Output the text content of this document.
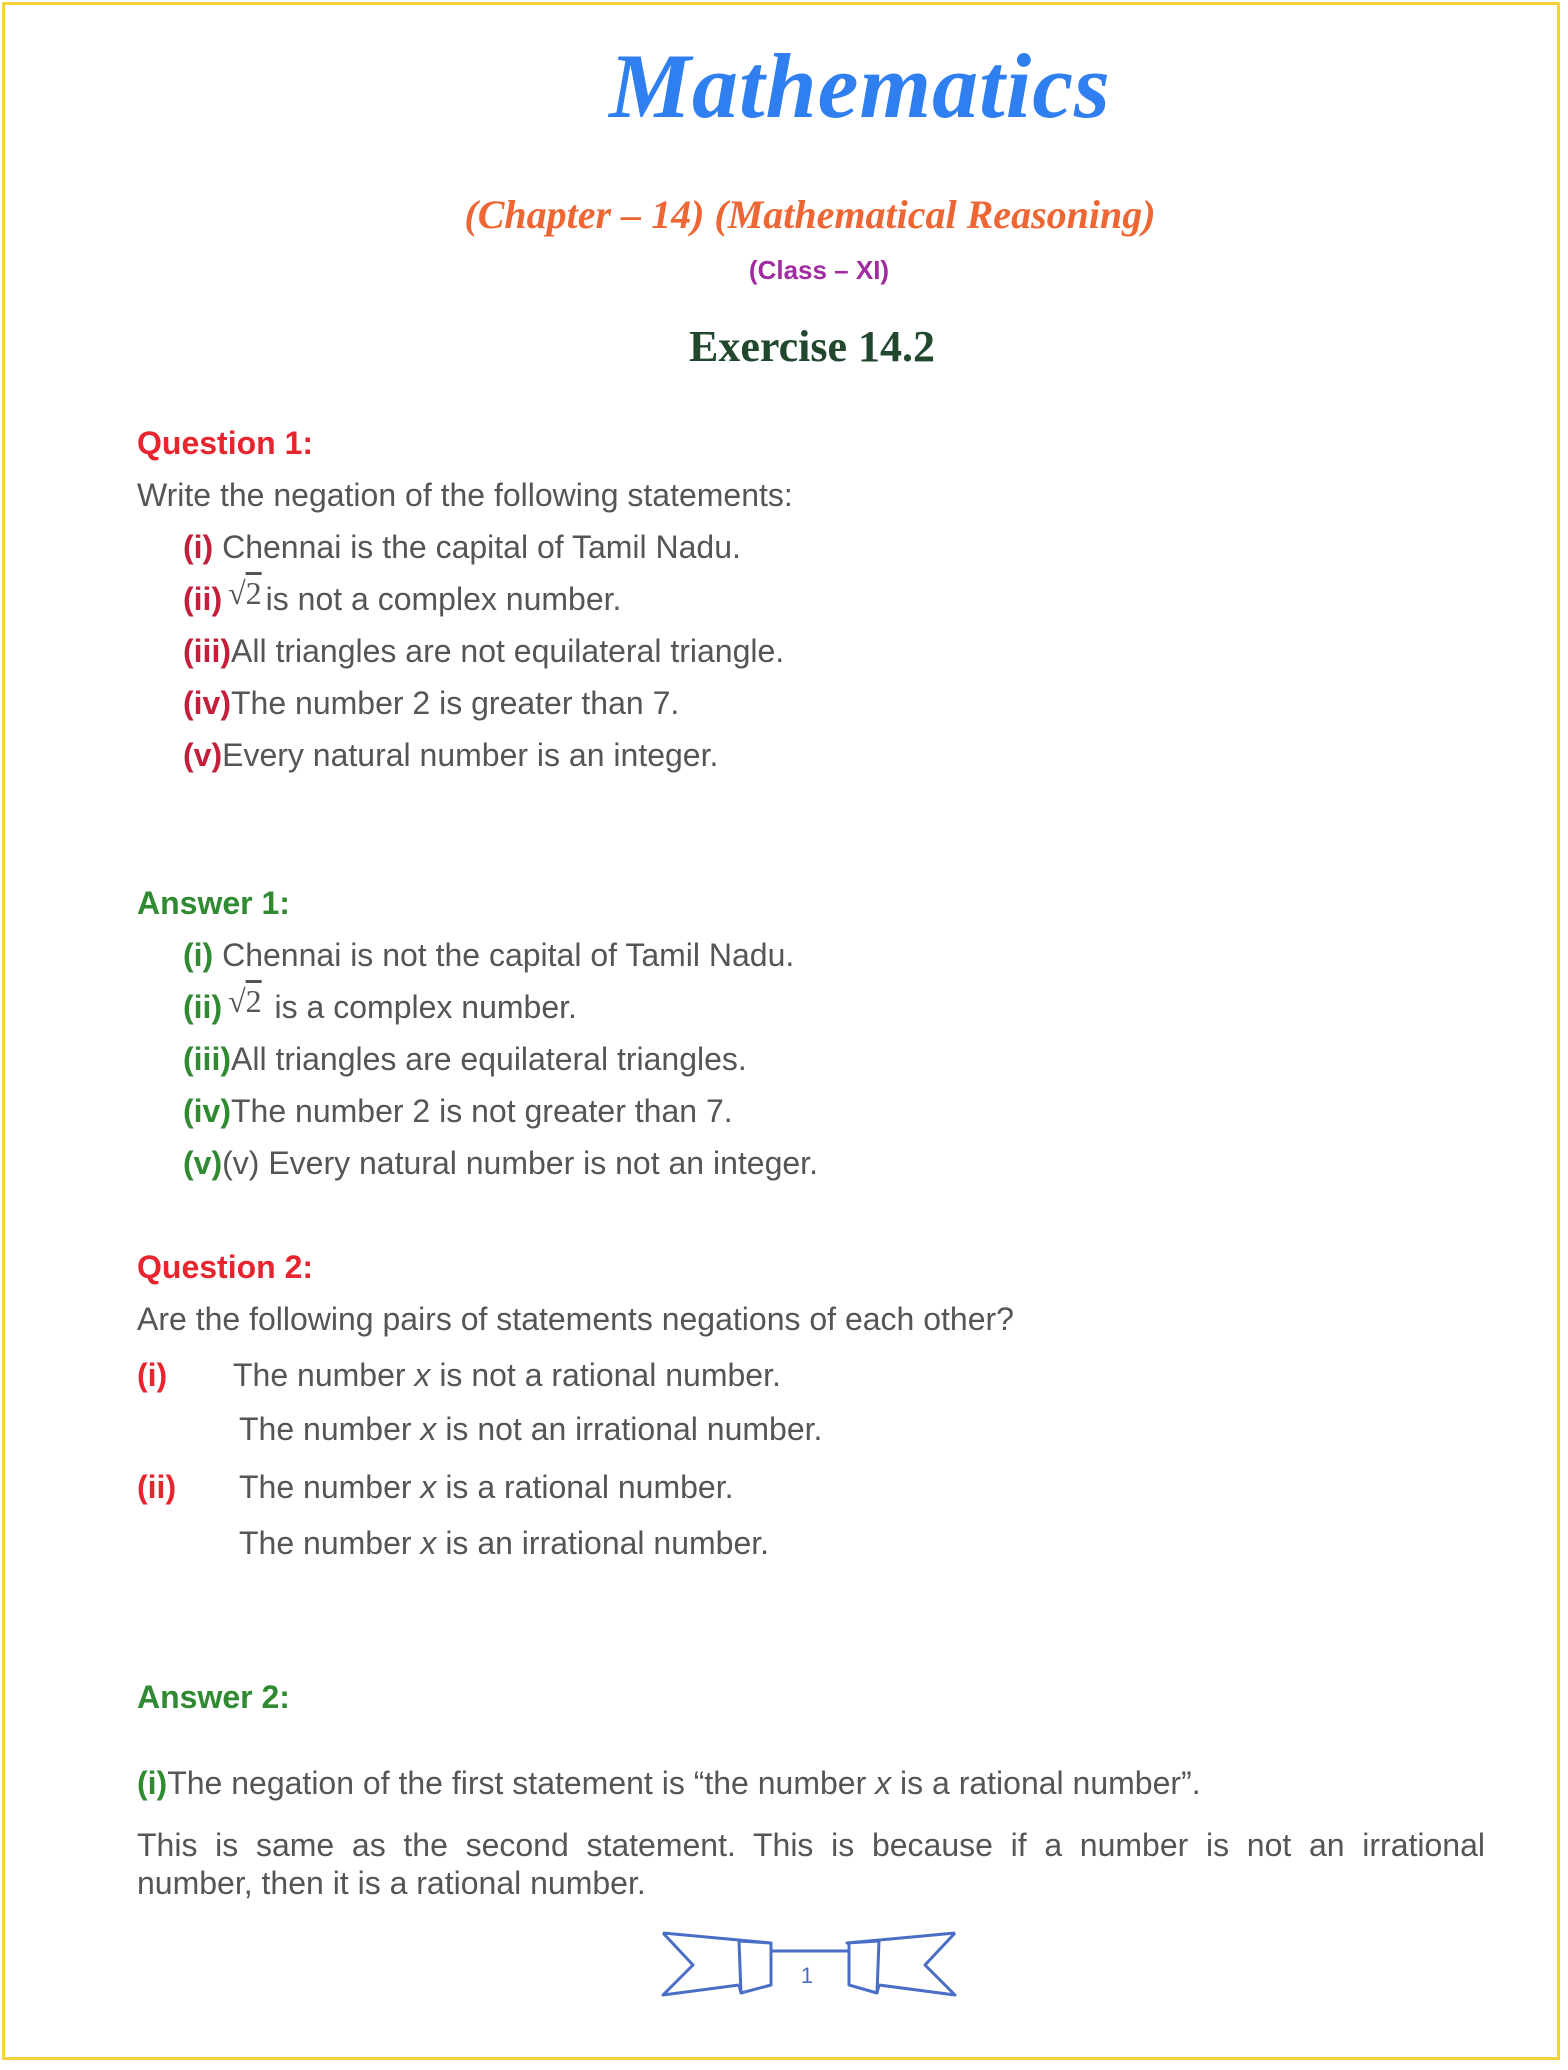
Mathematics
(Chapter – 14) (Mathematical Reasoning)
(Class – XI)
Exercise 14.2
Question 1:
Write the negation of the following statements:
(i) Chennai is the capital of Tamil Nadu.
(ii) √2 is not a complex number.
(iii)All triangles are not equilateral triangle.
(iv)The number 2 is greater than 7.
(v)Every natural number is an integer.
Answer 1:
(i) Chennai is not the capital of Tamil Nadu.
(ii) √2 is a complex number.
(iii)All triangles are equilateral triangles.
(iv)The number 2 is not greater than 7.
(v)(v) Every natural number is not an integer.
Question 2:
Are the following pairs of statements negations of each other?
(i) The number x is not a rational number.
The number x is not an irrational number.
(ii) The number x is a rational number.
The number x is an irrational number.
Answer 2:
(i)The negation of the first statement is “the number x is a rational number”.
This is same as the second statement. This is because if a number is not an irrational
number, then it is a rational number.
1
